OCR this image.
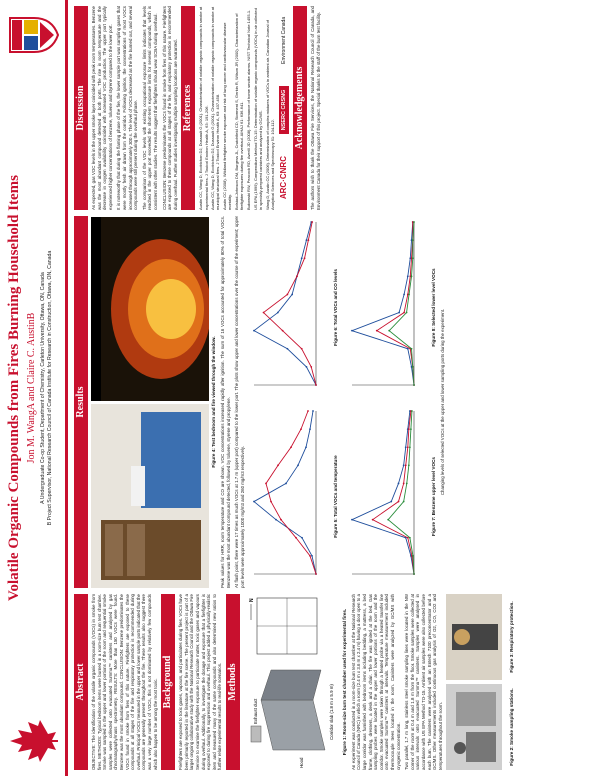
Volatile Organic Compounds from Fires Burning Household Items Jon M. WangA and Claire C. AustinB A Undergraduate Co-op Student, Department of Chemistry, Carleton University, Ottawa, ON, Canada B Project Supervisor, National Research Council of Canada Institute for Research in Construction, Ottawa, ON, Canada
Abstract	OBJECTIVE: The identification of the volatile organic compounds (VOCs) in smoke from fires. METHODS: Typical bedroom items were burned in a room-size burn test chamber. Smoke was sampled in the upper and lower portions of the room and sequential smoke samples were collected onto evacuated Summa™ canisters and analysed by gas chromatography/mass spectrometry. RESULTS: More than 150 VOCs were found. Benzene was the most abundant compound. CONCLUSION: Benzene predominates the VOCs found in smoke from fires of this nature. Firefighters are exposed to these compounds at all stages of the fire and respiratory protection is recommended during overhaul. Principal VOCs measured in the upper and lower sample ports indicated that the compounds are generally present throughout the fire. These results also suggest there was a very large number of VOCs, this is not dominated by relatively few compounds which also happen to be among the most toxic. Background	Firefighters are exposed to toxic gases, vapours, and particulates during fires. VOCs have been primarily reported in the literature at the fire scene. The present project is part of a larger ongoing collaborative study with the National Research Council and the Ottawa Fire Service to examine the firefighter exposure to particulate matter, toxic gases and vapours during overhaul. Additionally, to investigate the dosage and exposure that a firefighter is exposed to during fire suppression and overhaul. This project added a physically-realistic item and measured many of the same compounds and also determined new ratios to further relate experimental results to real-life scenarios. Methods
Exhaust duct
Hood
Corridor slab (1.8 m x 5.9 m)
N
Figure 1: Room-size burn test chamber used for experimental fires. An experiment was conducted in a room-size burn test chamber at the National Research Council of Canada (NRC) in which a room (2.4 m x 3.6 m x 2.4 m) having a door open to a large corridor was furnished with bedroom items including bedding, a mattress, a bed frame, clothing, dressers, a desk and a chair. The fire was ignited at the bed. Gas sampling probes were located in the upper and lower portions of the room and the corridor. Smoke samples were taken through a heated probe via a heated transfer line onto evacuated Summa™ canisters at intervals. Temperature measurement included thermocouple trees located in the room. Canisters were analyzed by GC/MS with cryogenic concentration. Two parallel, 1.7 m long, stainless steel smoke sampling lines were located in the NW corner of the room at 0.4 m and 1.8 m from the floor. Smoke samples were collected at various intervals onto evacuated Summa™ canisters. Samples were analysed in accordance with US EPA Method TO-15. Ambient air samples were also collected before each burn. The canisters were analysed with an Entech 7100 preconcentrator and a GC/MS. Other measurements included continuous gas analysis of O2, CO, CO2 and temperatures throughout the room.	Figure 2: Smoke sampling stations.
Figure 3: Respiratory protection.
Results	Figure 4: Test bedroom and fire viewed through the window. Peak values for HRR, room temperature and CO are shown. VOC concentrations increased rapidly after ignition. The sum of 16 VOCs accounted for approximately 80% of total VOCs. Benzene was the most abundant compound detected, followed by toluene, styrene and propylene. At flash point, there were 17 times as much VOCs at 1.7 m (upper port) compared to the lower port. The plots show upper and lower concentrations over the course of the experiment; upper port levels were approximately 1000 mg/m3 and 260 mg/m3 respectively.	Figure 5: Total VOCs and temperature
Figure 6: Total VOCs and CO levels
Figure 7: Benzene upper level VOCs
Figure 8: Selected lower level VOCs

Changing levels of selected VOCs at the upper and lower sampling ports during the experiment.

Discussion	As expected, gas VOC levels in the upper smoke layer coincided with peak room temperatures. Benzene was the most abundant compound detected at both ports. The rise in room temperature and the decrease in oxygen availability coincided with increased VOC production. The upper port typically experienced higher concentrations of benzene, toluene and styrene compared to the lower port. It is noteworthy that during the flaming phase of the fire, the lower sample port was sampling gases that were mostly fresh air drawn from the corridor. Following ignition, the concentrations of most VOCs increased through approximately 300 s. The level of VOCs decreased as the fire burned out, and several compounds were still present during the overhaul phase. The comparison of the VOC levels with existing occupational exposure limits indicates that levels reached in the upper port exceeded the short-term exposure limits for several compounds, which is consistent with other studies. The results suggest that firefighters should wear SCBA during overhaul. CONCLUSION: Benzene predominates the VOCs found in smoke from fires of this nature. Firefighters are exposed to these compounds at all stages of the fire, and respiratory protection is recommended during overhaul. Further studies investigating multiple sampling locations are warranted. References	Austin CC, Wang D, Ecobichon DJ, Dussault G (2001). Characterization of volatile organic compounds in smoke at experimental fires. J Toxicol Environ Health A, 63: 191-206. Austin CC, Wang D, Ecobichon DJ, Dussault G (2001). Characterization of volatile organic compounds in smoke at municipal structural fires. J Toxicol Environ Health A, 63: 437-458. Austin CC (2008). Wildland firefighter smoke exposure and risk of lung cancer and cardiovascular disease mortality. Bolstad-Johnson DM, Burgess JL, Crutchfield CD, Storment S, Gerkin R, Wilson JR (2000). Characterization of firefighter exposures during fire overhaul. AIHAJ 61: 636-641. Bukowski RW, Peacock RD, Averill JD (2008). Performance of home smoke alarms. NIST Technical Note 1455-1. US EPA (1999). Compendium Method TO-15: Determination of volatile organic compounds (VOCs) in air collected in specially-prepared canisters and analyzed by GC/MS. Wang D, Austin CC (2006). Determination of complex mixtures of VOCs in ambient air. Canadian Journal of Analytical Sciences and Spectroscopy 51: 104-112. ARC·CNRC
NSERC CRSNG
Environment Canada
Acknowledgements	The authors wish to thank the Ottawa Fire Services, the National Research Council of Canada, and Environment Canada for their support of this project. Special thanks to the staff of the burn test facility.
